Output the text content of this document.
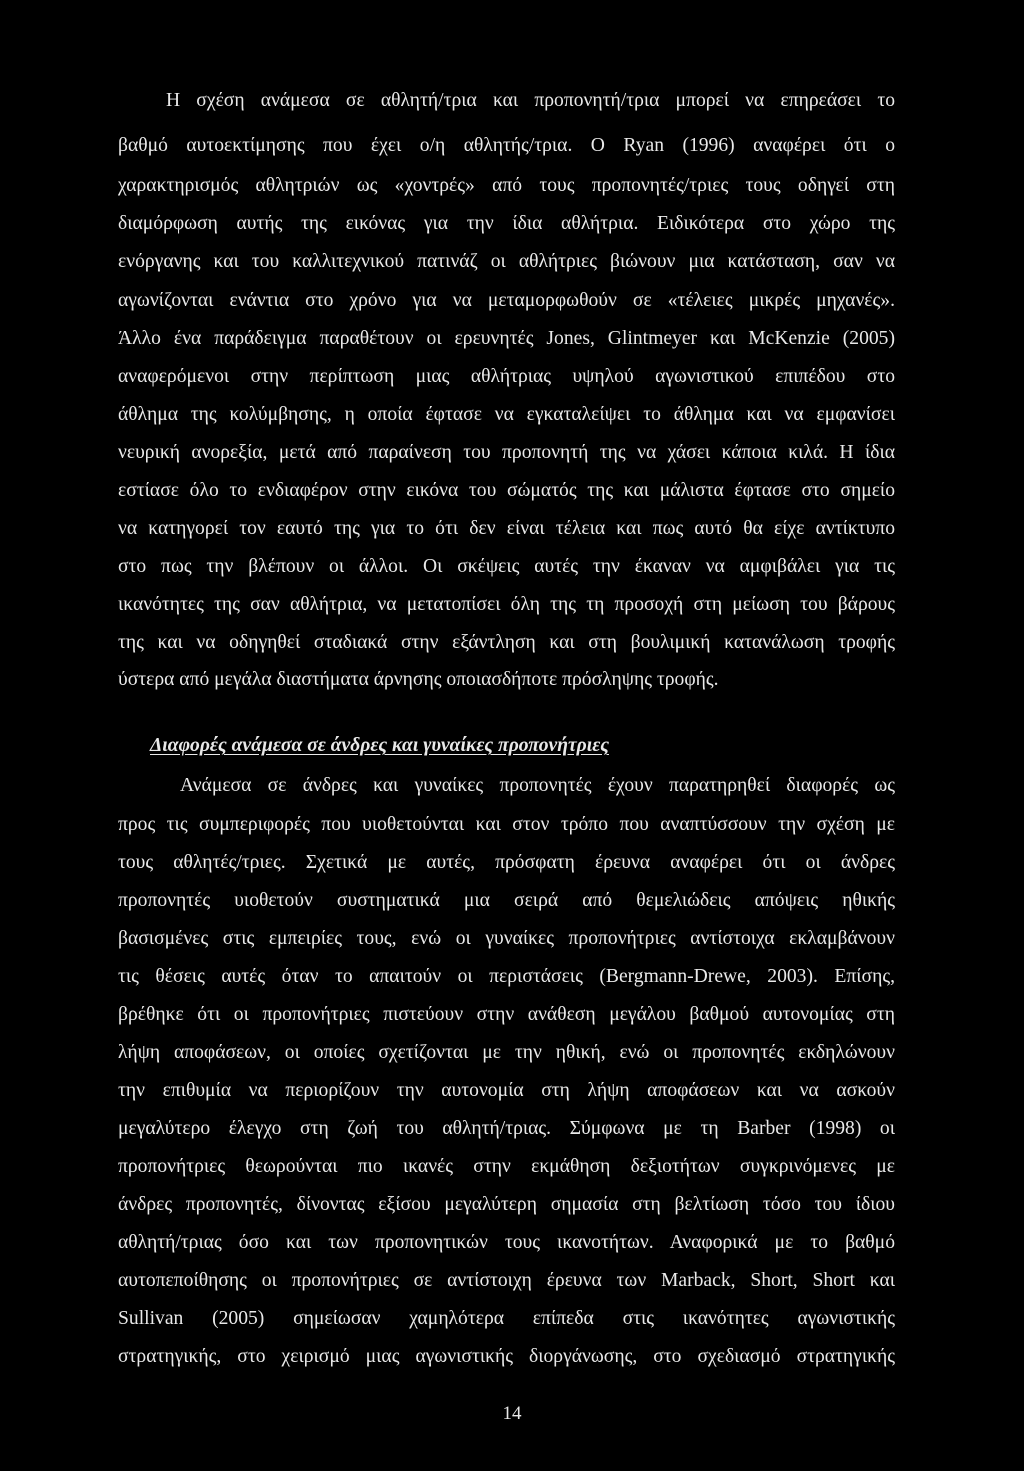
Η σχέση ανάμεσα σε αθλητή/τρια και προπονητή/τρια μπορεί να επηρεάσει το
βαθμό αυτοεκτίμησης που έχει ο/η αθλητής/τρια. Ο Ryan (1996) αναφέρει ότι ο
χαρακτηρισμός αθλητριών ως «χοντρές» από τους προπονητές/τριες τους οδηγεί στη
διαμόρφωση αυτής της εικόνας για την ίδια αθλήτρια. Ειδικότερα στο χώρο της
ενόργανης και του καλλιτεχνικού πατινάζ οι αθλήτριες βιώνουν μια κατάσταση, σαν να
αγωνίζονται ενάντια στο χρόνο για να μεταμορφωθούν σε «τέλειες μικρές μηχανές».
Άλλο ένα παράδειγμα παραθέτουν οι ερευνητές Jones, Glintmeyer και McKenzie (2005)
αναφερόμενοι στην περίπτωση μιας αθλήτριας υψηλού αγωνιστικού επιπέδου στο
άθλημα της κολύμβησης, η οποία έφτασε να εγκαταλείψει το άθλημα και να εμφανίσει
νευρική ανορεξία, μετά από παραίνεση του προπονητή της να χάσει κάποια κιλά. Η ίδια
εστίασε όλο το ενδιαφέρον στην εικόνα του σώματός της και μάλιστα έφτασε στο σημείο
να κατηγορεί τον εαυτό της για το ότι δεν είναι τέλεια και πως αυτό θα είχε αντίκτυπο
στο πως την βλέπουν οι άλλοι. Οι σκέψεις αυτές την έκαναν να αμφιβάλει για τις
ικανότητες της σαν αθλήτρια, να μετατοπίσει όλη της τη προσοχή στη μείωση του βάρους
της και να οδηγηθεί σταδιακά στην εξάντληση και στη βουλιμική κατανάλωση τροφής
ύστερα από μεγάλα διαστήματα άρνησης οποιασδήποτε πρόσληψης τροφής.
Διαφορές ανάμεσα σε άνδρες και γυναίκες προπονήτριες
Ανάμεσα σε άνδρες και γυναίκες προπονητές έχουν παρατηρηθεί διαφορές ως
προς τις συμπεριφορές που υιοθετούνται και στον τρόπο που αναπτύσσουν την σχέση με
τους αθλητές/τριες. Σχετικά με αυτές, πρόσφατη έρευνα αναφέρει ότι οι άνδρες
προπονητές υιοθετούν συστηματικά μια σειρά από θεμελιώδεις απόψεις ηθικής
βασισμένες στις εμπειρίες τους, ενώ οι γυναίκες προπονήτριες αντίστοιχα εκλαμβάνουν
τις θέσεις αυτές όταν το απαιτούν οι περιστάσεις (Bergmann-Drewe, 2003). Επίσης,
βρέθηκε ότι οι προπονήτριες πιστεύουν στην ανάθεση μεγάλου βαθμού αυτονομίας στη
λήψη αποφάσεων, οι οποίες σχετίζονται με την ηθική, ενώ οι προπονητές εκδηλώνουν
την επιθυμία να περιορίζουν την αυτονομία στη λήψη αποφάσεων και να ασκούν
μεγαλύτερο έλεγχο στη ζωή του αθλητή/τριας. Σύμφωνα με τη Barber (1998) οι
προπονήτριες θεωρούνται πιο ικανές στην εκμάθηση δεξιοτήτων συγκρινόμενες με
άνδρες προπονητές, δίνοντας εξίσου μεγαλύτερη σημασία στη βελτίωση τόσο του ίδιου
αθλητή/τριας όσο και των προπονητικών τους ικανοτήτων. Αναφορικά με το βαθμό
αυτοπεποίθησης οι προπονήτριες σε αντίστοιχη έρευνα των Marback, Short, Short και
Sullivan (2005) σημείωσαν χαμηλότερα επίπεδα στις ικανότητες αγωνιστικής
στρατηγικής, στο χειρισμό μιας αγωνιστικής διοργάνωσης, στο σχεδιασμό στρατηγικής
14
